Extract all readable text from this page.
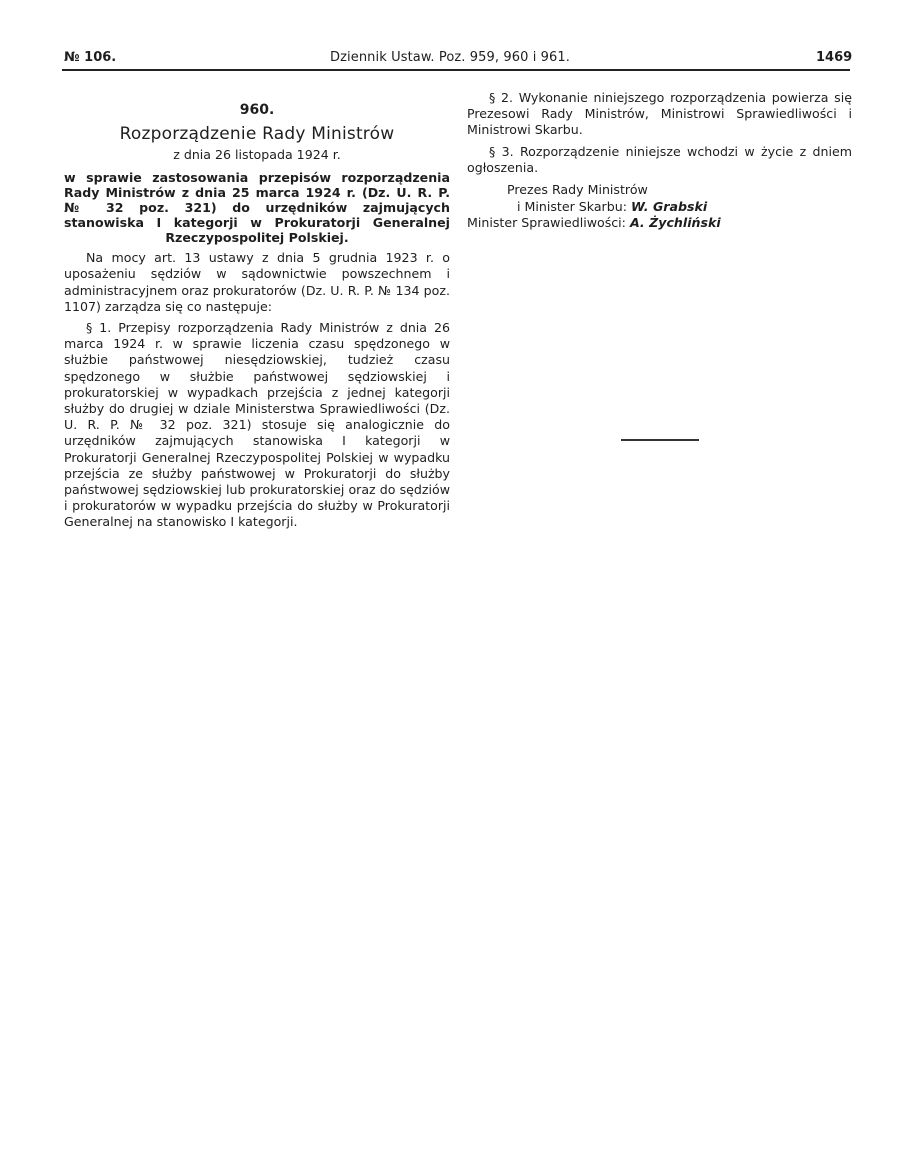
№ 106.	Dziennik Ustaw. Poz. 959, 960 i 961.	1469
960.
Rozporządzenie Rady Ministrów
z dnia 26 listopada 1924 r.
w sprawie zastosowania przepisów rozporządzenia Rady Ministrów z dnia 25 marca 1924 r. (Dz. U. R. P. № 32 poz. 321) do urzędników zajmujących stanowiska I kategorji w Prokuratorji Generalnej Rzeczypospolitej Polskiej.

Na mocy art. 13 ustawy z dnia 5 grudnia 1923 r. o uposażeniu sędziów w sądownictwie powszechnem i administracyjnem oraz prokuratorów (Dz. U. R. P. № 134 poz. 1107) zarządza się co następuje:

§ 1. Przepisy rozporządzenia Rady Ministrów z dnia 26 marca 1924 r. w sprawie liczenia czasu spędzonego w służbie państwowej niesędziowskiej, tudzież czasu spędzonego w służbie państwowej sędziowskiej i prokuratorskiej w wypadkach przejścia z jednej kategorji służby do drugiej w dziale Ministerstwa Sprawiedliwości (Dz. U. R. P. № 32 poz. 321) stosuje się analogicznie do urzędników zajmujących stanowiska I kategorji w Prokuratorji Generalnej Rzeczypospolitej Polskiej w wypadku przejścia ze służby państwowej w Prokuratorji do służby państwowej sędziowskiej lub prokuratorskiej oraz do sędziów i prokuratorów w wypadku przejścia do służby w Prokuratorji Generalnej na stanowisko I kategorji.

§ 2. Wykonanie niniejszego rozporządzenia powierza się Prezesowi Rady Ministrów, Ministrowi Sprawiedliwości i Ministrowi Skarbu.

§ 3. Rozporządzenie niniejsze wchodzi w życie z dniem ogłoszenia.

Prezes Rady Ministrów
i Minister Skarbu: W. Grabski
Minister Sprawiedliwości: A. Żychliński
